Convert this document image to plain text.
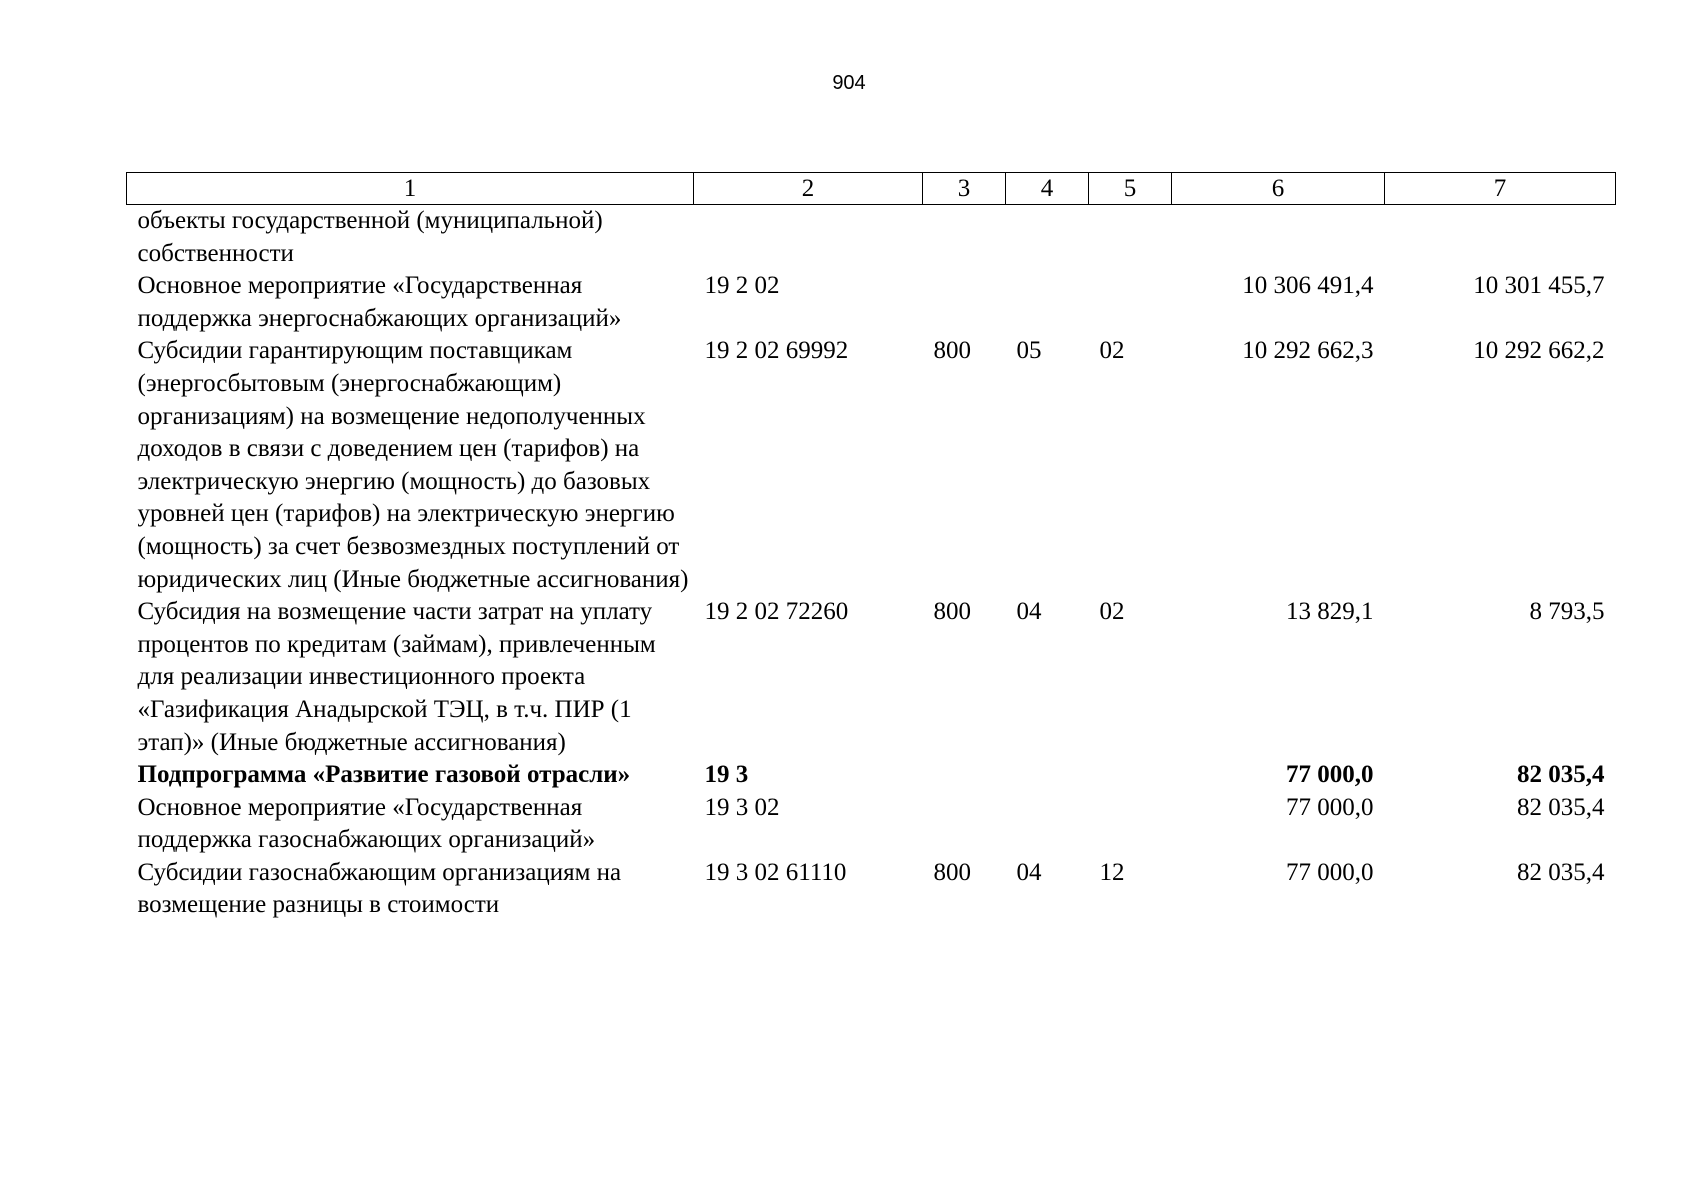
904
1	2	3	4	5	6	7
объекты государственной (муниципальной) собственности						
Основное мероприятие «Государственная поддержка энергоснабжающих организаций»	19 2 02				10 306 491,4	10 301 455,7
Субсидии гарантирующим поставщикам (энергосбытовым (энергоснабжающим) организациям) на возмещение недополученных доходов в связи с доведением цен (тарифов) на электрическую энергию (мощность) до базовых уровней цен (тарифов) на электрическую энергию (мощность) за счет безвозмездных поступлений от юридических лиц (Иные бюджетные ассигнования)	19 2 02 69992	800	05	02	10 292 662,3	10 292 662,2
Субсидия на возмещение части затрат на уплату процентов по кредитам (займам), привлеченным для реализации инвестиционного проекта «Газификация Анадырской ТЭЦ, в т.ч. ПИР (1 этап)» (Иные бюджетные ассигнования)	19 2 02 72260	800	04	02	13 829,1	8 793,5
Подпрограмма «Развитие газовой отрасли»	19 3				77 000,0	82 035,4
Основное мероприятие «Государственная поддержка газоснабжающих организаций»	19 3 02				77 000,0	82 035,4
Субсидии газоснабжающим организациям на возмещение разницы в стоимости	19 3 02 61110	800	04	12	77 000,0	82 035,4
